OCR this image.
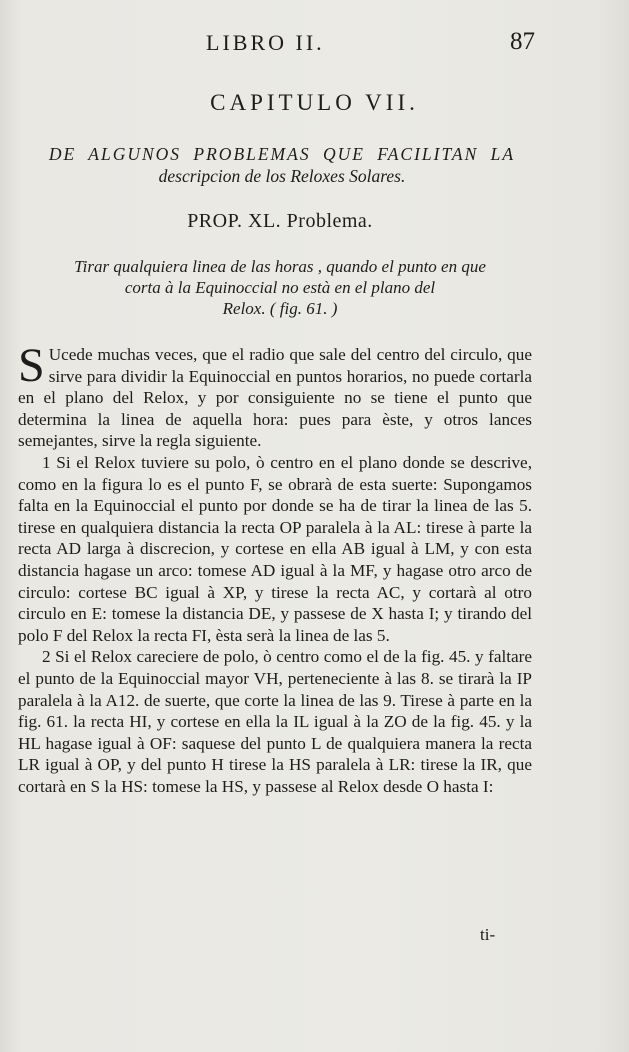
LIBRO II.	87
CAPITULO VII.
DE ALGUNOS PROBLEMAS QUE FACILITAN LA
descripcion de los Reloxes Solares.
PROP. XL. Problema.
Tirar qualquiera linea de las horas , quando el punto en que
corta à la Equinoccial no està en el plano del
Relox. ( fig. 61. )

S Ucede muchas veces, que el radio que sale del centro del circulo, que sirve para dividir la Equinoccial en puntos horarios, no puede cortarla en el plano del Relox, y por consiguiente no se tiene el punto que determina la linea de aquella hora: pues para èste, y otros lances semejantes, sirve la regla siguiente.

1 Si el Relox tuviere su polo, ò centro en el plano donde se descrive, como en la figura lo es el punto F, se obrarà de esta suerte: Supongamos falta en la Equinoccial el punto por donde se ha de tirar la linea de las 5. tirese en qualquiera distancia la recta OP paralela à la AL: tirese à parte la recta AD larga à discrecion, y cortese en ella AB igual à LM, y con esta distancia hagase un arco: tomese AD igual à la MF, y hagase otro arco de circulo: cortese BC igual à XP, y tirese la recta AC, y cortarà al otro circulo en E: tomese la distancia DE, y passese de X hasta I; y tirando del polo F del Relox la recta FI, èsta serà la linea de las 5.

2 Si el Relox careciere de polo, ò centro como el de la fig. 45. y faltare el punto de la Equinoccial mayor VH, perteneciente à las 8. se tirarà la IP paralela à la A12. de suerte, que corte la linea de las 9. Tirese à parte en la fig. 61. la recta HI, y cortese en ella la IL igual à la ZO de la fig. 45. y la HL hagase igual à OF: saquese del punto L de qualquiera manera la recta LR igual à OP, y del punto H tirese la HS paralela à LR: tirese la IR, que cortarà en S la HS: tomese la HS, y passese al Relox desde O hasta I:

ti-
